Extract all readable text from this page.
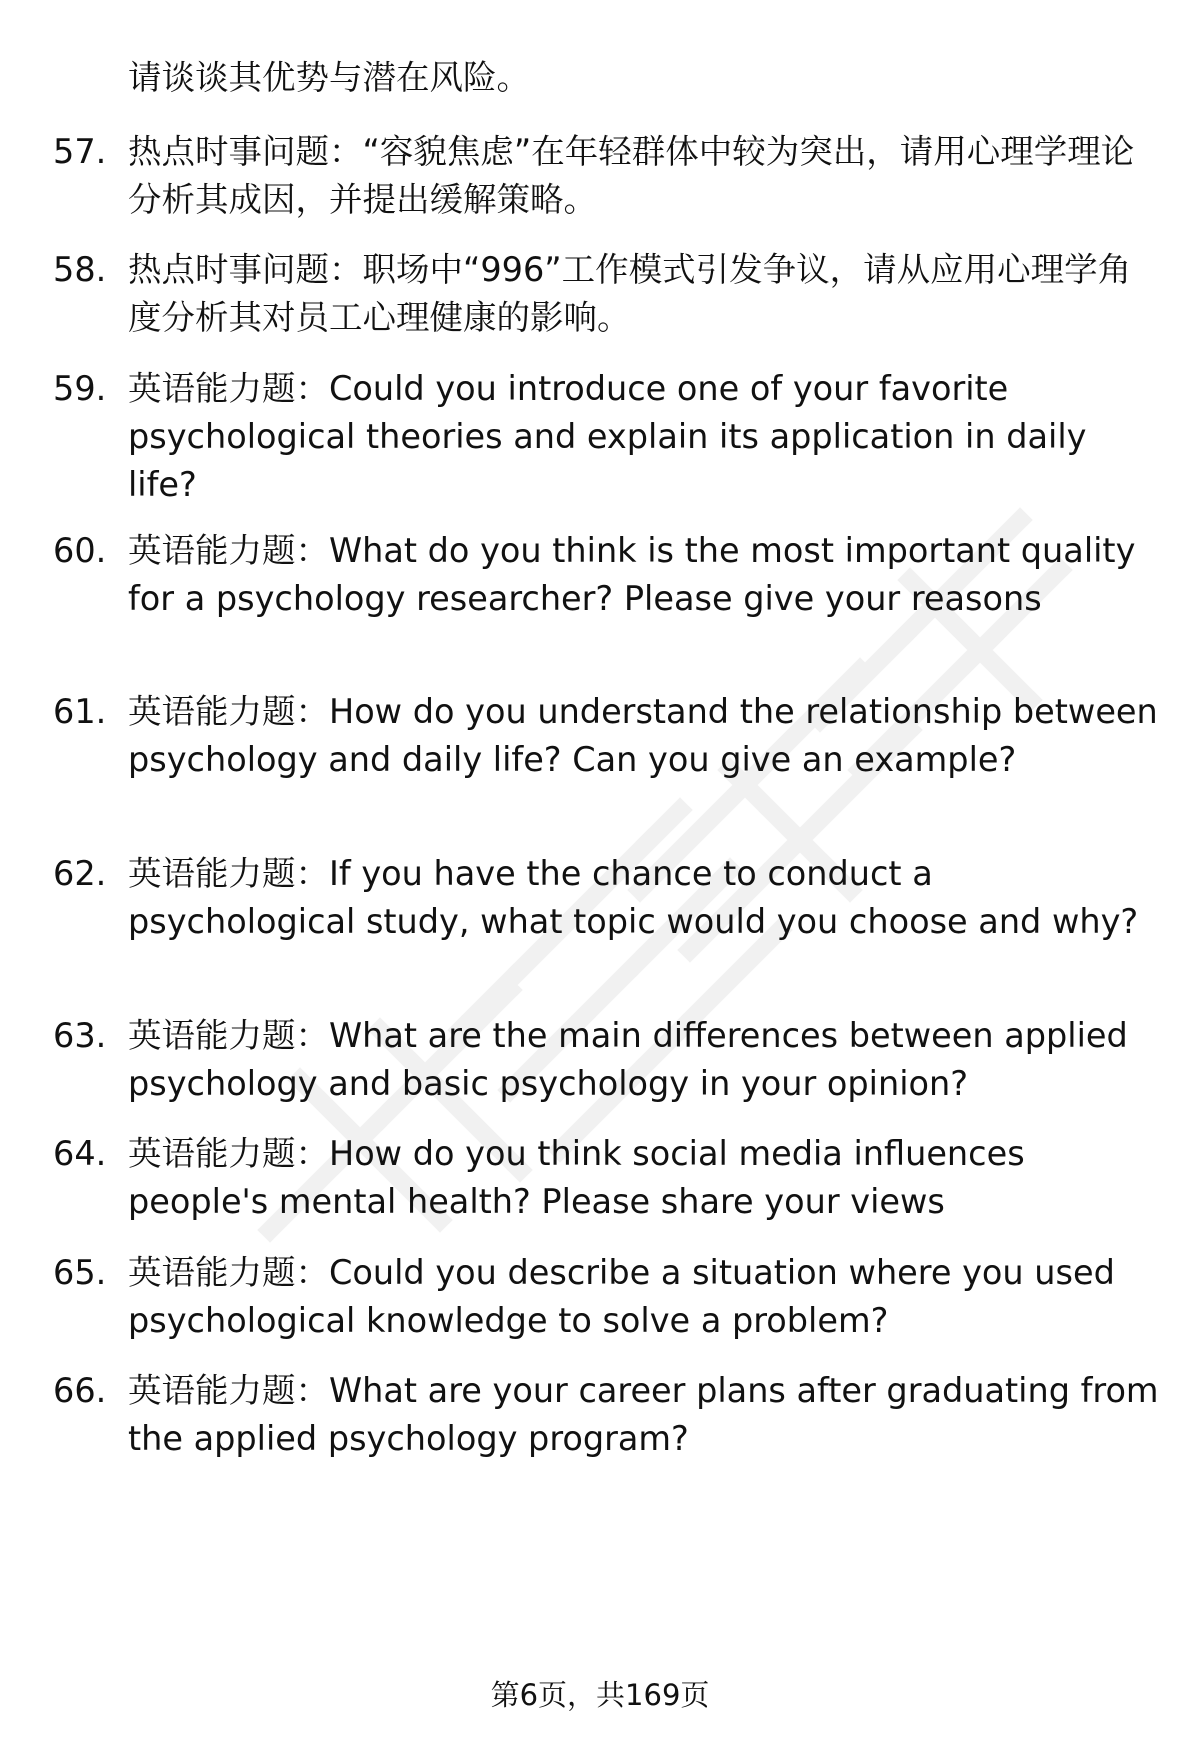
请谈谈其优势与潜在风险。
57. 热点时事问题：“容貌焦虑”在年轻群体中较为突出，请用心理学理论分析其成因，并提出缓解策略。
58. 热点时事问题：职场中“996”工作模式引发争议，请从应用心理学角度分析其对员工心理健康的影响。
59. 英语能力题：Could you introduce one of your favorite psychological theories and explain its application in daily life?
60. 英语能力题：What do you think is the most important quality for a psychology researcher? Please give your reasons
61. 英语能力题：How do you understand the relationship between psychology and daily life? Can you give an example?
62. 英语能力题：If you have the chance to conduct a psychological study, what topic would you choose and why?
63. 英语能力题：What are the main differences between applied psychology and basic psychology in your opinion?
64. 英语能力题：How do you think social media influences people's mental health? Please share your views
65. 英语能力题：Could you describe a situation where you used psychological knowledge to solve a problem?
66. 英语能力题：What are your career plans after graduating from the applied psychology program?
第6页，共169页
